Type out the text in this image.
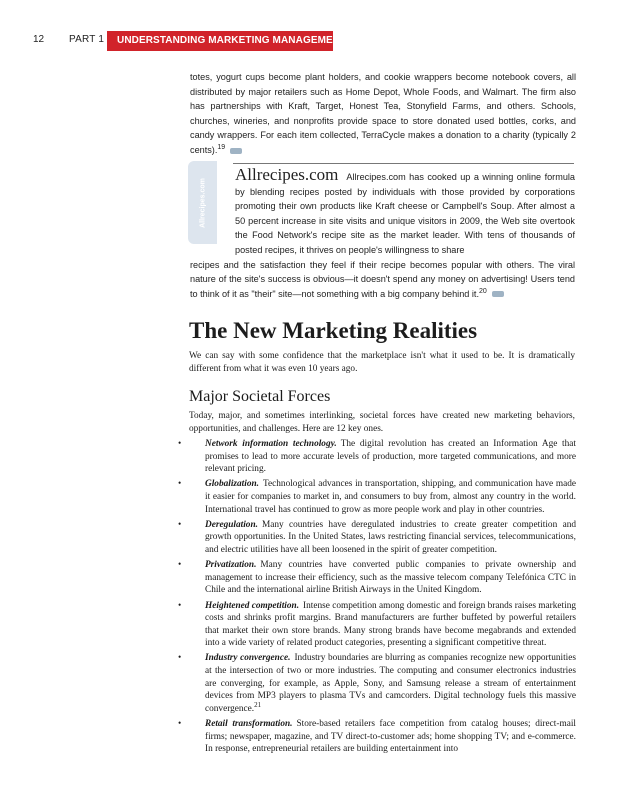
12 PART 1 UNDERSTANDING MARKETING MANAGEMENT
totes, yogurt cups become plant holders, and cookie wrappers become notebook covers, all distributed by major retailers such as Home Depot, Whole Foods, and Walmart. The firm also has partnerships with Kraft, Target, Honest Tea, Stonyfield Farms, and others. Schools, churches, wineries, and nonprofits provide space to store donated used bottles, corks, and candy wrappers. For each item collected, TerraCycle makes a donation to a charity (typically 2 cents).$^{19}$
Allrecipes.com
Allrecipes.com Allrecipes.com has cooked up a winning online formula by blending recipes posted by individuals with those provided by corporations promoting their own products like Kraft cheese or Campbell's Soup. After almost a 50 percent increase in site visits and unique visitors in 2009, the Web site overtook the Food Network's recipe site as the market leader. With tens of thousands of posted recipes, it thrives on people's willingness to share
recipes and the satisfaction they feel if their recipe becomes popular with others. The viral nature of the site's success is obvious—it doesn't spend any money on advertising! Users tend to think of it as "their" site—not something with a big company behind it.$^{20}$
The New Marketing Realities
We can say with some confidence that the marketplace isn't what it used to be. It is dramatically different from what it was even 10 years ago.
Major Societal Forces
Today, major, and sometimes interlinking, societal forces have created new marketing behaviors, opportunities, and challenges. Here are 12 key ones.
•	Network information technology. The digital revolution has created an Information Age that promises to lead to more accurate levels of production, more targeted communications, and more relevant pricing.
•	Globalization. Technological advances in transportation, shipping, and communication have made it easier for companies to market in, and consumers to buy from, almost any country in the world. International travel has continued to grow as more people work and play in other countries.
•	Deregulation. Many countries have deregulated industries to create greater competition and growth opportunities. In the United States, laws restricting financial services, telecommunications, and electric utilities have all been loosened in the spirit of greater competition.
•	Privatization. Many countries have converted public companies to private ownership and management to increase their efficiency, such as the massive telecom company Telefónica CTC in Chile and the international airline British Airways in the United Kingdom.
•	Heightened competition. Intense competition among domestic and foreign brands raises marketing costs and shrinks profit margins. Brand manufacturers are further buffeted by powerful retailers that market their own store brands. Many strong brands have become megabrands and extended into a wide variety of related product categories, presenting a significant competitive threat.
•	Industry convergence. Industry boundaries are blurring as companies recognize new opportunities at the intersection of two or more industries. The computing and consumer electronics industries are converging, for example, as Apple, Sony, and Samsung release a stream of entertainment devices from MP3 players to plasma TVs and camcorders. Digital technology fuels this massive convergence.$^{21}$
•	Retail transformation. Store-based retailers face competition from catalog houses; direct-mail firms; newspaper, magazine, and TV direct-to-customer ads; home shopping TV; and e-commerce. In response, entrepreneurial retailers are building entertainment into
